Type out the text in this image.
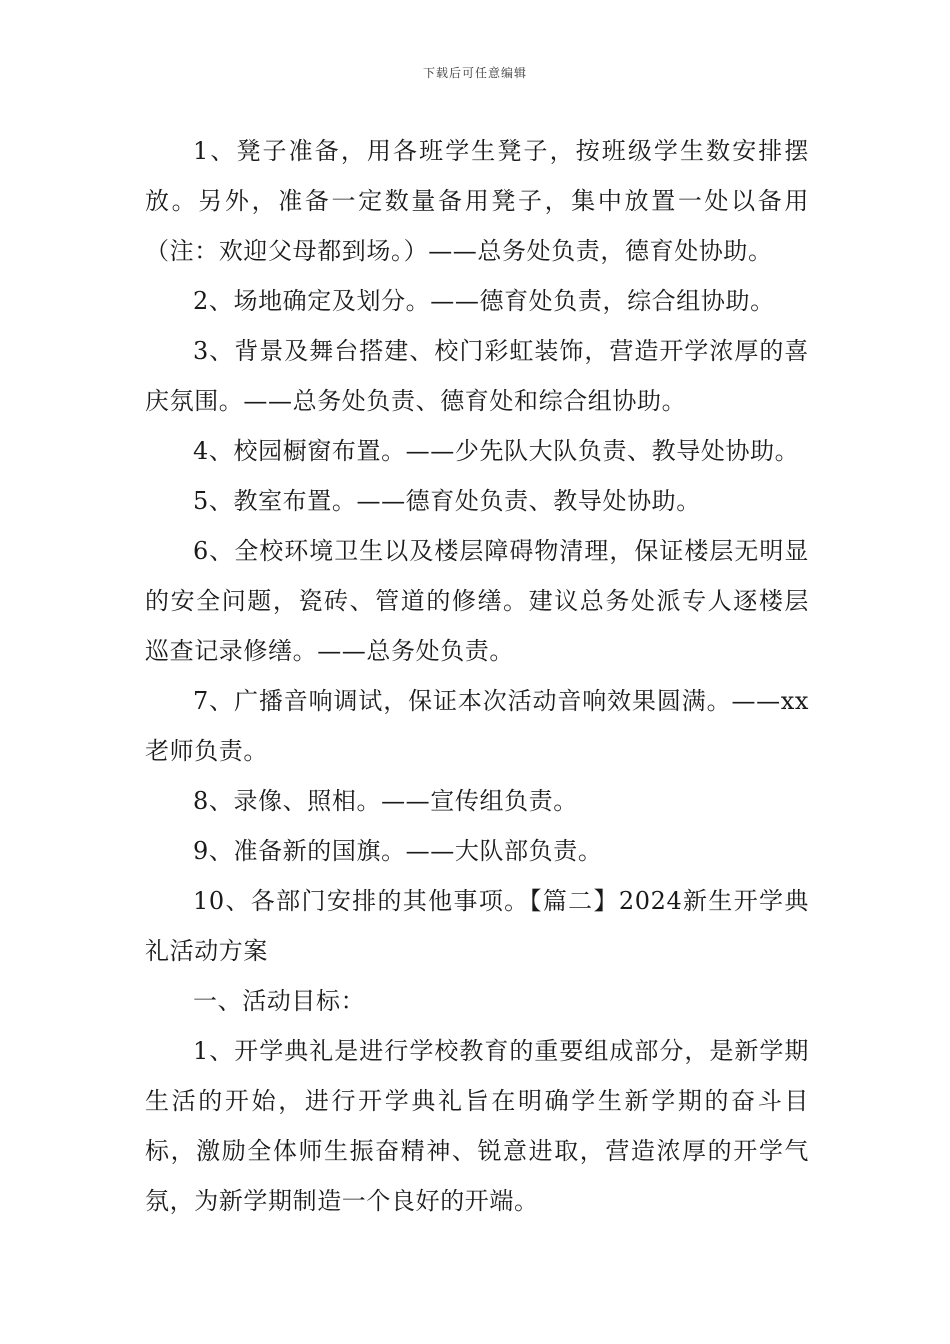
下载后可任意编辑

1、凳子准备，用各班学生凳子，按班级学生数安排摆放。另外，准备一定数量备用凳子，集中放置一处以备用（注：欢迎父母都到场。）——总务处负责，德育处协助。

2、场地确定及划分。——德育处负责，综合组协助。

3、背景及舞台搭建、校门彩虹装饰，营造开学浓厚的喜庆氛围。——总务处负责、德育处和综合组协助。

4、校园橱窗布置。——少先队大队负责、教导处协助。

5、教室布置。——德育处负责、教导处协助。

6、全校环境卫生以及楼层障碍物清理，保证楼层无明显的安全问题，瓷砖、管道的修缮。建议总务处派专人逐楼层巡查记录修缮。——总务处负责。

7、广播音响调试，保证本次活动音响效果圆满。——xx老师负责。

8、录像、照相。——宣传组负责。

9、准备新的国旗。——大队部负责。

10、各部门安排的其他事项。【篇二】2024新生开学典礼活动方案

一、活动目标：

1、开学典礼是进行学校教育的重要组成部分，是新学期生活的开始，进行开学典礼旨在明确学生新学期的奋斗目标，激励全体师生振奋精神、锐意进取，营造浓厚的开学气氛，为新学期制造一个良好的开端。
